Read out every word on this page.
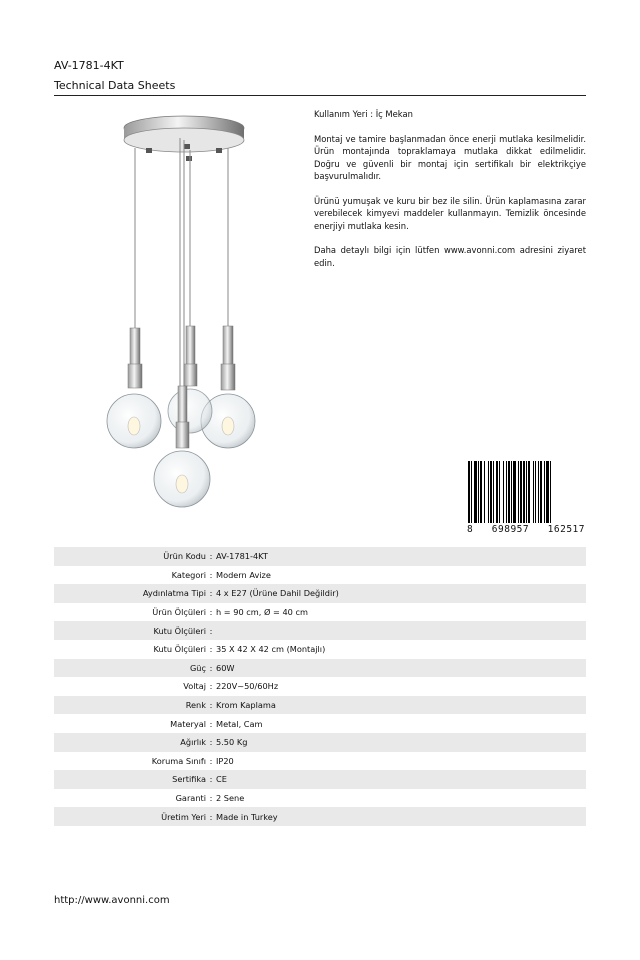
AV-1781-4KT
Technical Data Sheets

Kullanım Yeri : İç Mekan

Montaj ve tamire başlanmadan önce enerji mutlaka kesilmelidir. Ürün montajında topraklamaya mutlaka dikkat edilmelidir. Doğru ve güvenli bir montaj için sertifikalı bir elektrikçiye başvurulmalıdır.

Ürünü yumuşak ve kuru bir bez ile silin. Ürün kaplamasına zarar verebilecek kimyevi maddeler kullanmayın. Temizlik öncesinde enerjiyi mutlaka kesin.

Daha detaylı bilgi için lütfen www.avonni.com adresini ziyaret edin.

8 698957 162517
Ürün Kodu : AV-1781-4KT
Kategori : Modern Avize
Aydınlatma Tipi : 4 x E27 (Ürüne Dahil Değildir)
Ürün Ölçüleri : h = 90 cm, Ø = 40 cm
Kutu Ölçüleri :
Kutu Ölçüleri : 35 X 42 X 42 cm (Montajlı)
Güç : 60W
Voltaj : 220V~50/60Hz
Renk : Krom Kaplama
Materyal : Metal, Cam
Ağırlık : 5.50 Kg
Koruma Sınıfı : IP20
Sertifika : CE
Garanti : 2 Sene
Üretim Yeri : Made in Turkey
http://www.avonni.com
